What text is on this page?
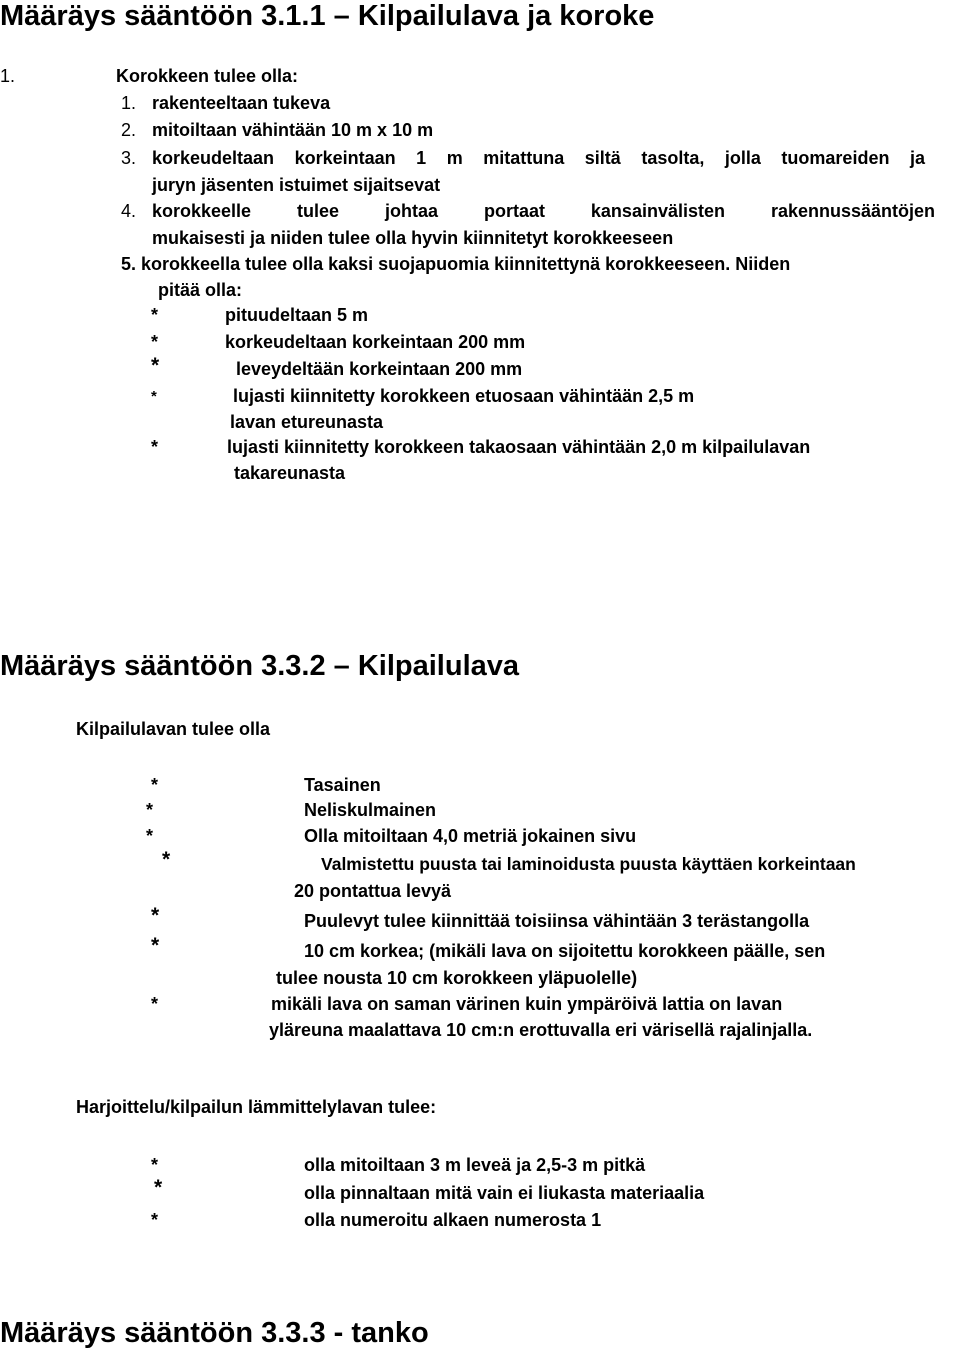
Määräys sääntöön 3.1.1 – Kilpailulava ja koroke
1.	Korokkeen tulee olla:
1. rakenteeltaan tukeva
2. mitoiltaan vähintään 10 m x 10 m
3. korkeudeltaan korkeintaan 1 m mitattuna siltä tasolta, jolla tuomareiden ja
juryn jäsenten istuimet sijaitsevat
4. korokkeelle tulee johtaa portaat kansainvälisten rakennussääntöjen
mukaisesti ja niiden tulee olla hyvin kiinnitetyt korokkeeseen
5. korokkeella tulee olla kaksi suojapuomia kiinnitettynä korokkeeseen. Niiden
pitää olla:
*	pituudeltaan 5 m
*	korkeudeltaan korkeintaan 200 mm
*	leveydeltään korkeintaan 200 mm
*	lujasti kiinnitetty korokkeen etuosaan vähintään 2,5 m
lavan etureunasta
*	lujasti kiinnitetty korokkeen takaosaan vähintään 2,0 m kilpailulavan
takareunasta
Määräys sääntöön 3.3.2 – Kilpailulava
Kilpailulavan tulee olla
*	Tasainen
*	Neliskulmainen
*	Olla mitoiltaan 4,0 metriä jokainen sivu
*	Valmistettu puusta tai laminoidusta puusta käyttäen korkeintaan
20 pontattua levyä
*	Puulevyt tulee kiinnittää toisiinsa vähintään 3 terästangolla
*	10 cm korkea; (mikäli lava on sijoitettu korokkeen päälle, sen
tulee nousta 10 cm korokkeen yläpuolelle)
*	mikäli lava on saman värinen kuin ympäröivä lattia on lavan
yläreuna maalattava 10 cm:n erottuvalla eri värisellä rajalinjalla.
Harjoittelu/kilpailun lämmittelylavan tulee:
*	olla mitoiltaan 3 m leveä ja 2,5-3 m pitkä
*	olla pinnaltaan mitä vain ei liukasta materiaalia
*	olla numeroitu alkaen numerosta 1
Määräys sääntöön 3.3.3 - tanko
